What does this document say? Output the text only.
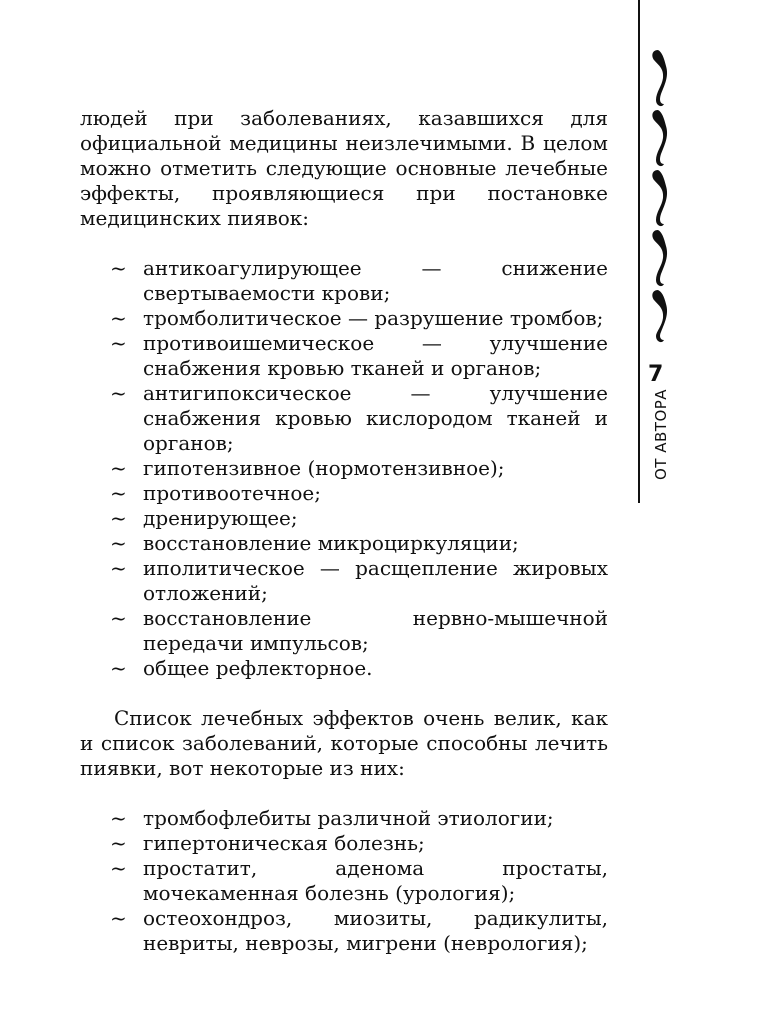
7
ОТ АВТОРА

людей при заболеваниях, казавшихся для официальной медицины неизлечимыми. В целом можно отметить следующие основные лечебные эффекты, проявляющиеся при постановке медицинских пиявок:

~ антикоагулирующее — снижение свертываемости крови;
~ тромболитическое — разрушение тромбов;
~ противоишемическое — улучшение снабжения кровью тканей и органов;
~ антигипоксическое — улучшение снабжения кровью кислородом тканей и органов;
~ гипотензивное (нормотензивное);
~ противоотечное;
~ дренирующее;
~ восстановление микроциркуляции;
~ иполитическое — расщепление жировых отложений;
~ восстановление нервно-мышечной передачи импульсов;
~ общее рефлекторное.

Список лечебных эффектов очень велик, как и список заболеваний, которые способны лечить пиявки, вот некоторые из них:

~ тромбофлебиты различной этиологии;
~ гипертоническая болезнь;
~ простатит, аденома простаты, мочекаменная болезнь (урология);
~ остеохондроз, миозиты, радикулиты, невриты, неврозы, мигрени (неврология);
